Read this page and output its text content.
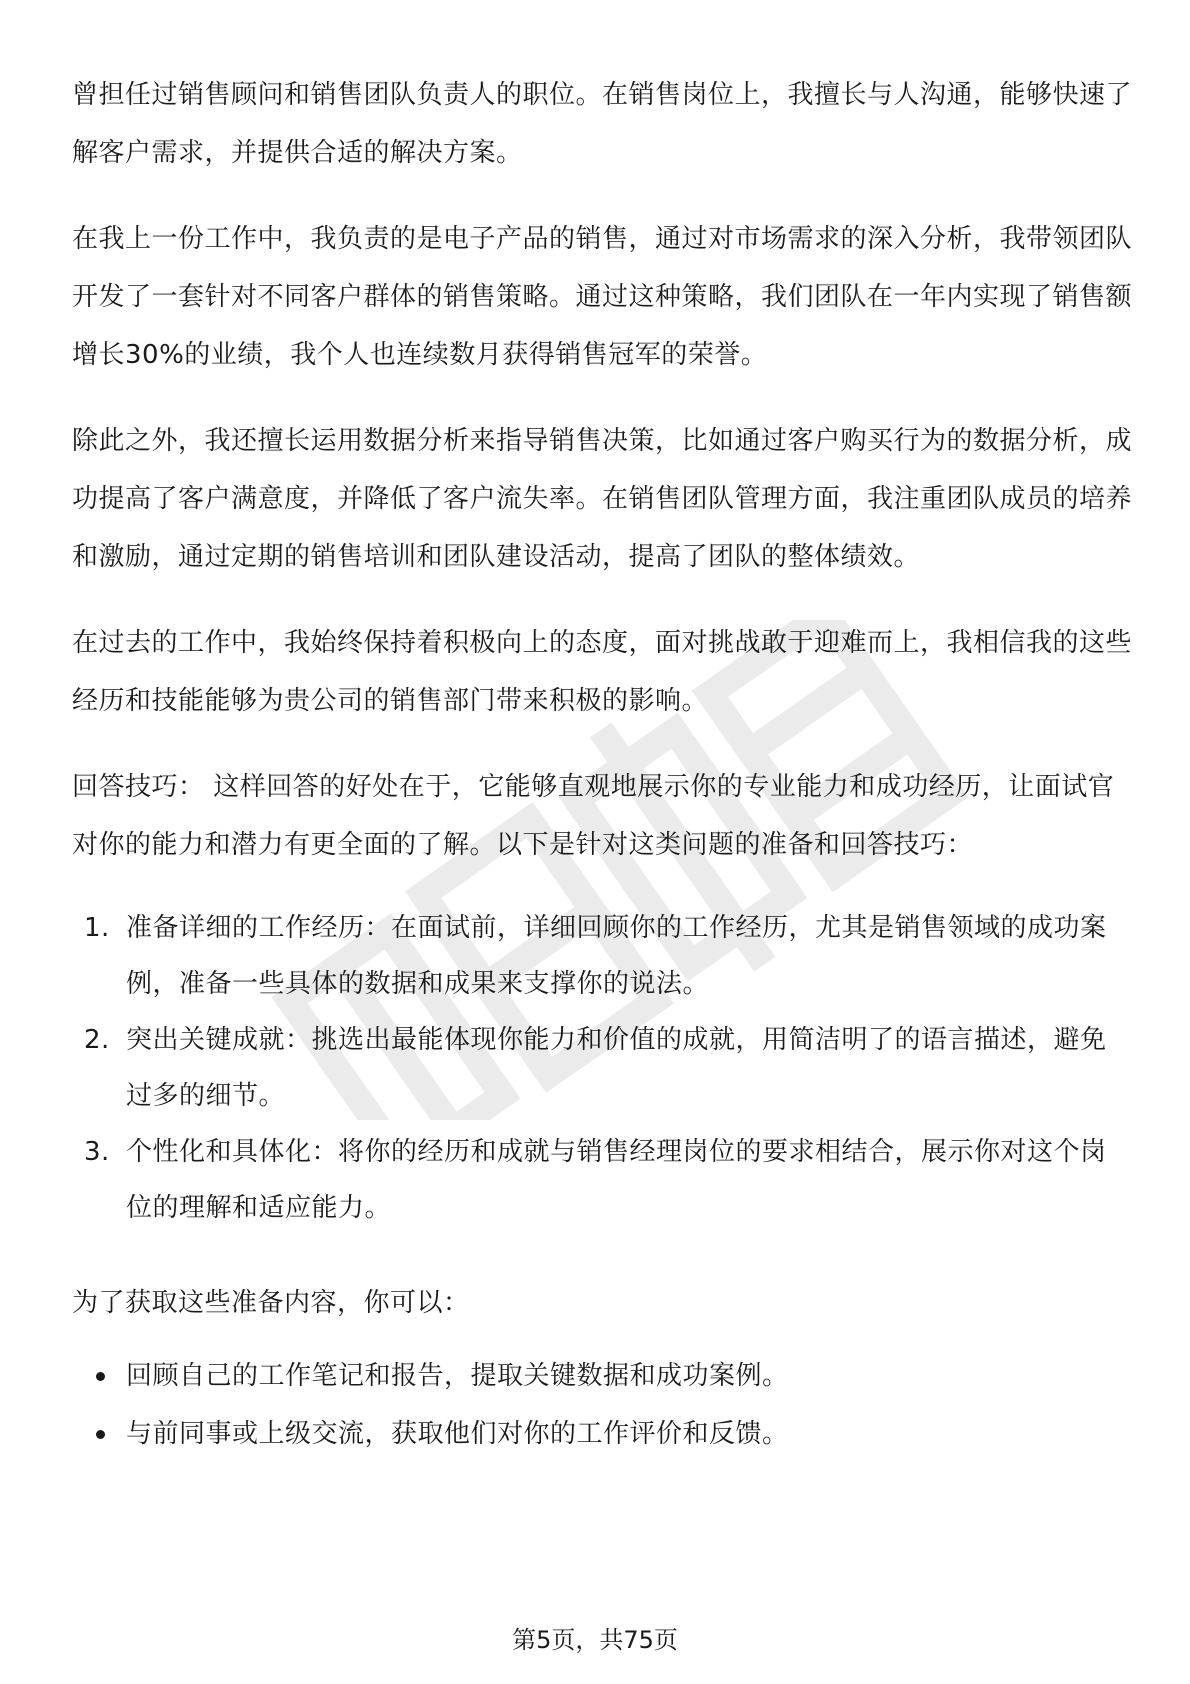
曾担任过销售顾问和销售团队负责人的职位。在销售岗位上，我擅长与人沟通，能够快速了解客户需求，并提供合适的解决方案。

在我上一份工作中，我负责的是电子产品的销售，通过对市场需求的深入分析，我带领团队开发了一套针对不同客户群体的销售策略。通过这种策略，我们团队在一年内实现了销售额增长30%的业绩，我个人也连续数月获得销售冠军的荣誉。

除此之外，我还擅长运用数据分析来指导销售决策，比如通过客户购买行为的数据分析，成功提高了客户满意度，并降低了客户流失率。在销售团队管理方面，我注重团队成员的培养和激励，通过定期的销售培训和团队建设活动，提高了团队的整体绩效。

在过去的工作中，我始终保持着积极向上的态度，面对挑战敢于迎难而上，我相信我的这些经历和技能能够为贵公司的销售部门带来积极的影响。

回答技巧： 这样回答的好处在于，它能够直观地展示你的专业能力和成功经历，让面试官对你的能力和潜力有更全面的了解。以下是针对这类问题的准备和回答技巧：

1. 准备详细的工作经历：在面试前，详细回顾你的工作经历，尤其是销售领域的成功案例，准备一些具体的数据和成果来支撑你的说法。
2. 突出关键成就：挑选出最能体现你能力和价值的成就，用简洁明了的语言描述，避免过多的细节。
3. 个性化和具体化：将你的经历和成就与销售经理岗位的要求相结合，展示你对这个岗位的理解和适应能力。

为了获取这些准备内容，你可以：

回顾自己的工作笔记和报告，提取关键数据和成功案例。
与前同事或上级交流，获取他们对你的工作评价和反馈。
第5页，共75页
